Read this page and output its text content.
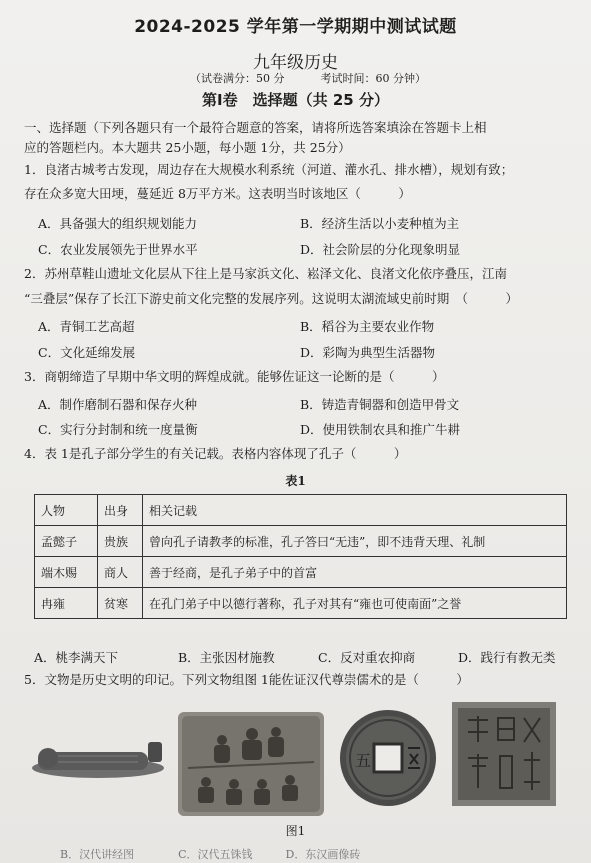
2024-2025 学年第一学期期中测试试题
九年级历史
（试卷满分：50 分	考试时间：60 分钟）
第Ⅰ卷　选择题（共 25 分）
一、选择题（下列各题只有一个最符合题意的答案，请将所选答案填涂在答题卡上相
应的答题栏内。本大题共 25小题，每小题 1分，共 25分）
1．良渚古城考古发现，周边存在大规模水利系统（河道、灌水孔、排水槽），规划有致；
存在众多宽大田埂，蔓延近 8万平方米。这表明当时该地区（　　　）
A．具备强大的组织规划能力	B．经济生活以小麦种植为主
C．农业发展领先于世界水平	D．社会阶层的分化现象明显
2．苏州草鞋山遗址文化层从下往上是马家浜文化、崧泽文化、良渚文化依序叠压，江南
“三叠层”保存了长江下游史前文化完整的发展序列。这说明太湖流域史前时期　（　　　）
A．青铜工艺高超	B．稻谷为主要农业作物
C．文化延绵发展	D．彩陶为典型生活器物
3．商朝缔造了早期中华文明的辉煌成就。能够佐证这一论断的是（　　　）
A．制作磨制石器和保存火种	B．铸造青铜器和创造甲骨文
C．实行分封制和统一度量衡	D．使用铁制农具和推广牛耕
4．表 1是孔子部分学生的有关记载。表格内容体现了孔子（　　　）
表1
人物	出身	相关记载
孟懿子	贵族	曾向孔子请教孝的标准，孔子答曰“无违”，即不违背天理、礼制
端木赐	商人	善于经商，是孔子弟子中的首富
冉雍	贫寒	在孔门弟子中以德行著称，孔子对其有“雍也可使南面”之誉
A．桃李满天下	B．主张因材施教	C．反对重农抑商	D．践行有教无类
5．文物是历史文明的印记。下列文物组图 1能佐证汉代尊崇儒术的是（　　　）
五
图1
B．汉代讲经图　　　　C．汉代五铢钱　　　D．东汉画像砖
